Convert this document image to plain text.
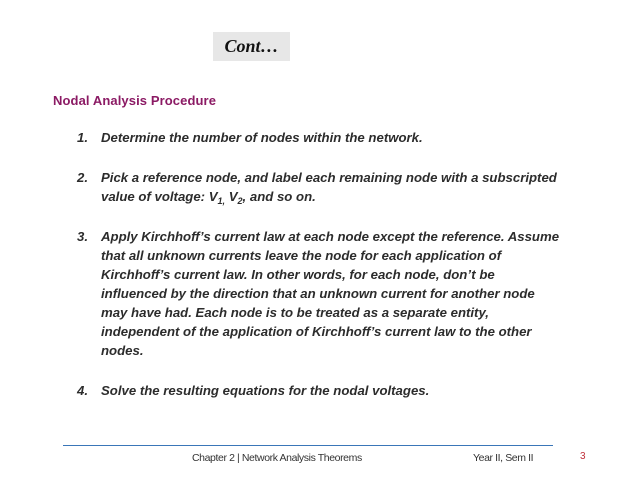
Cont…
Nodal Analysis Procedure
1. Determine the number of nodes within the network.
2. Pick a reference node, and label each remaining node with a subscripted
value of voltage: $V_{1,}$ $V_2$, and so on.
3. Apply Kirchhoff’s current law at each node except the reference. Assume
that all unknown currents leave the node for each application of
Kirchhoff’s current law. In other words, for each node, don’t be
influenced by the direction that an unknown current for another node
may have had. Each node is to be treated as a separate entity,
independent of the application of Kirchhoff’s current law to the other
nodes.
4. Solve the resulting equations for the nodal voltages.
Chapter 2 | Network Analysis Theorems	Year II, Sem II	3
